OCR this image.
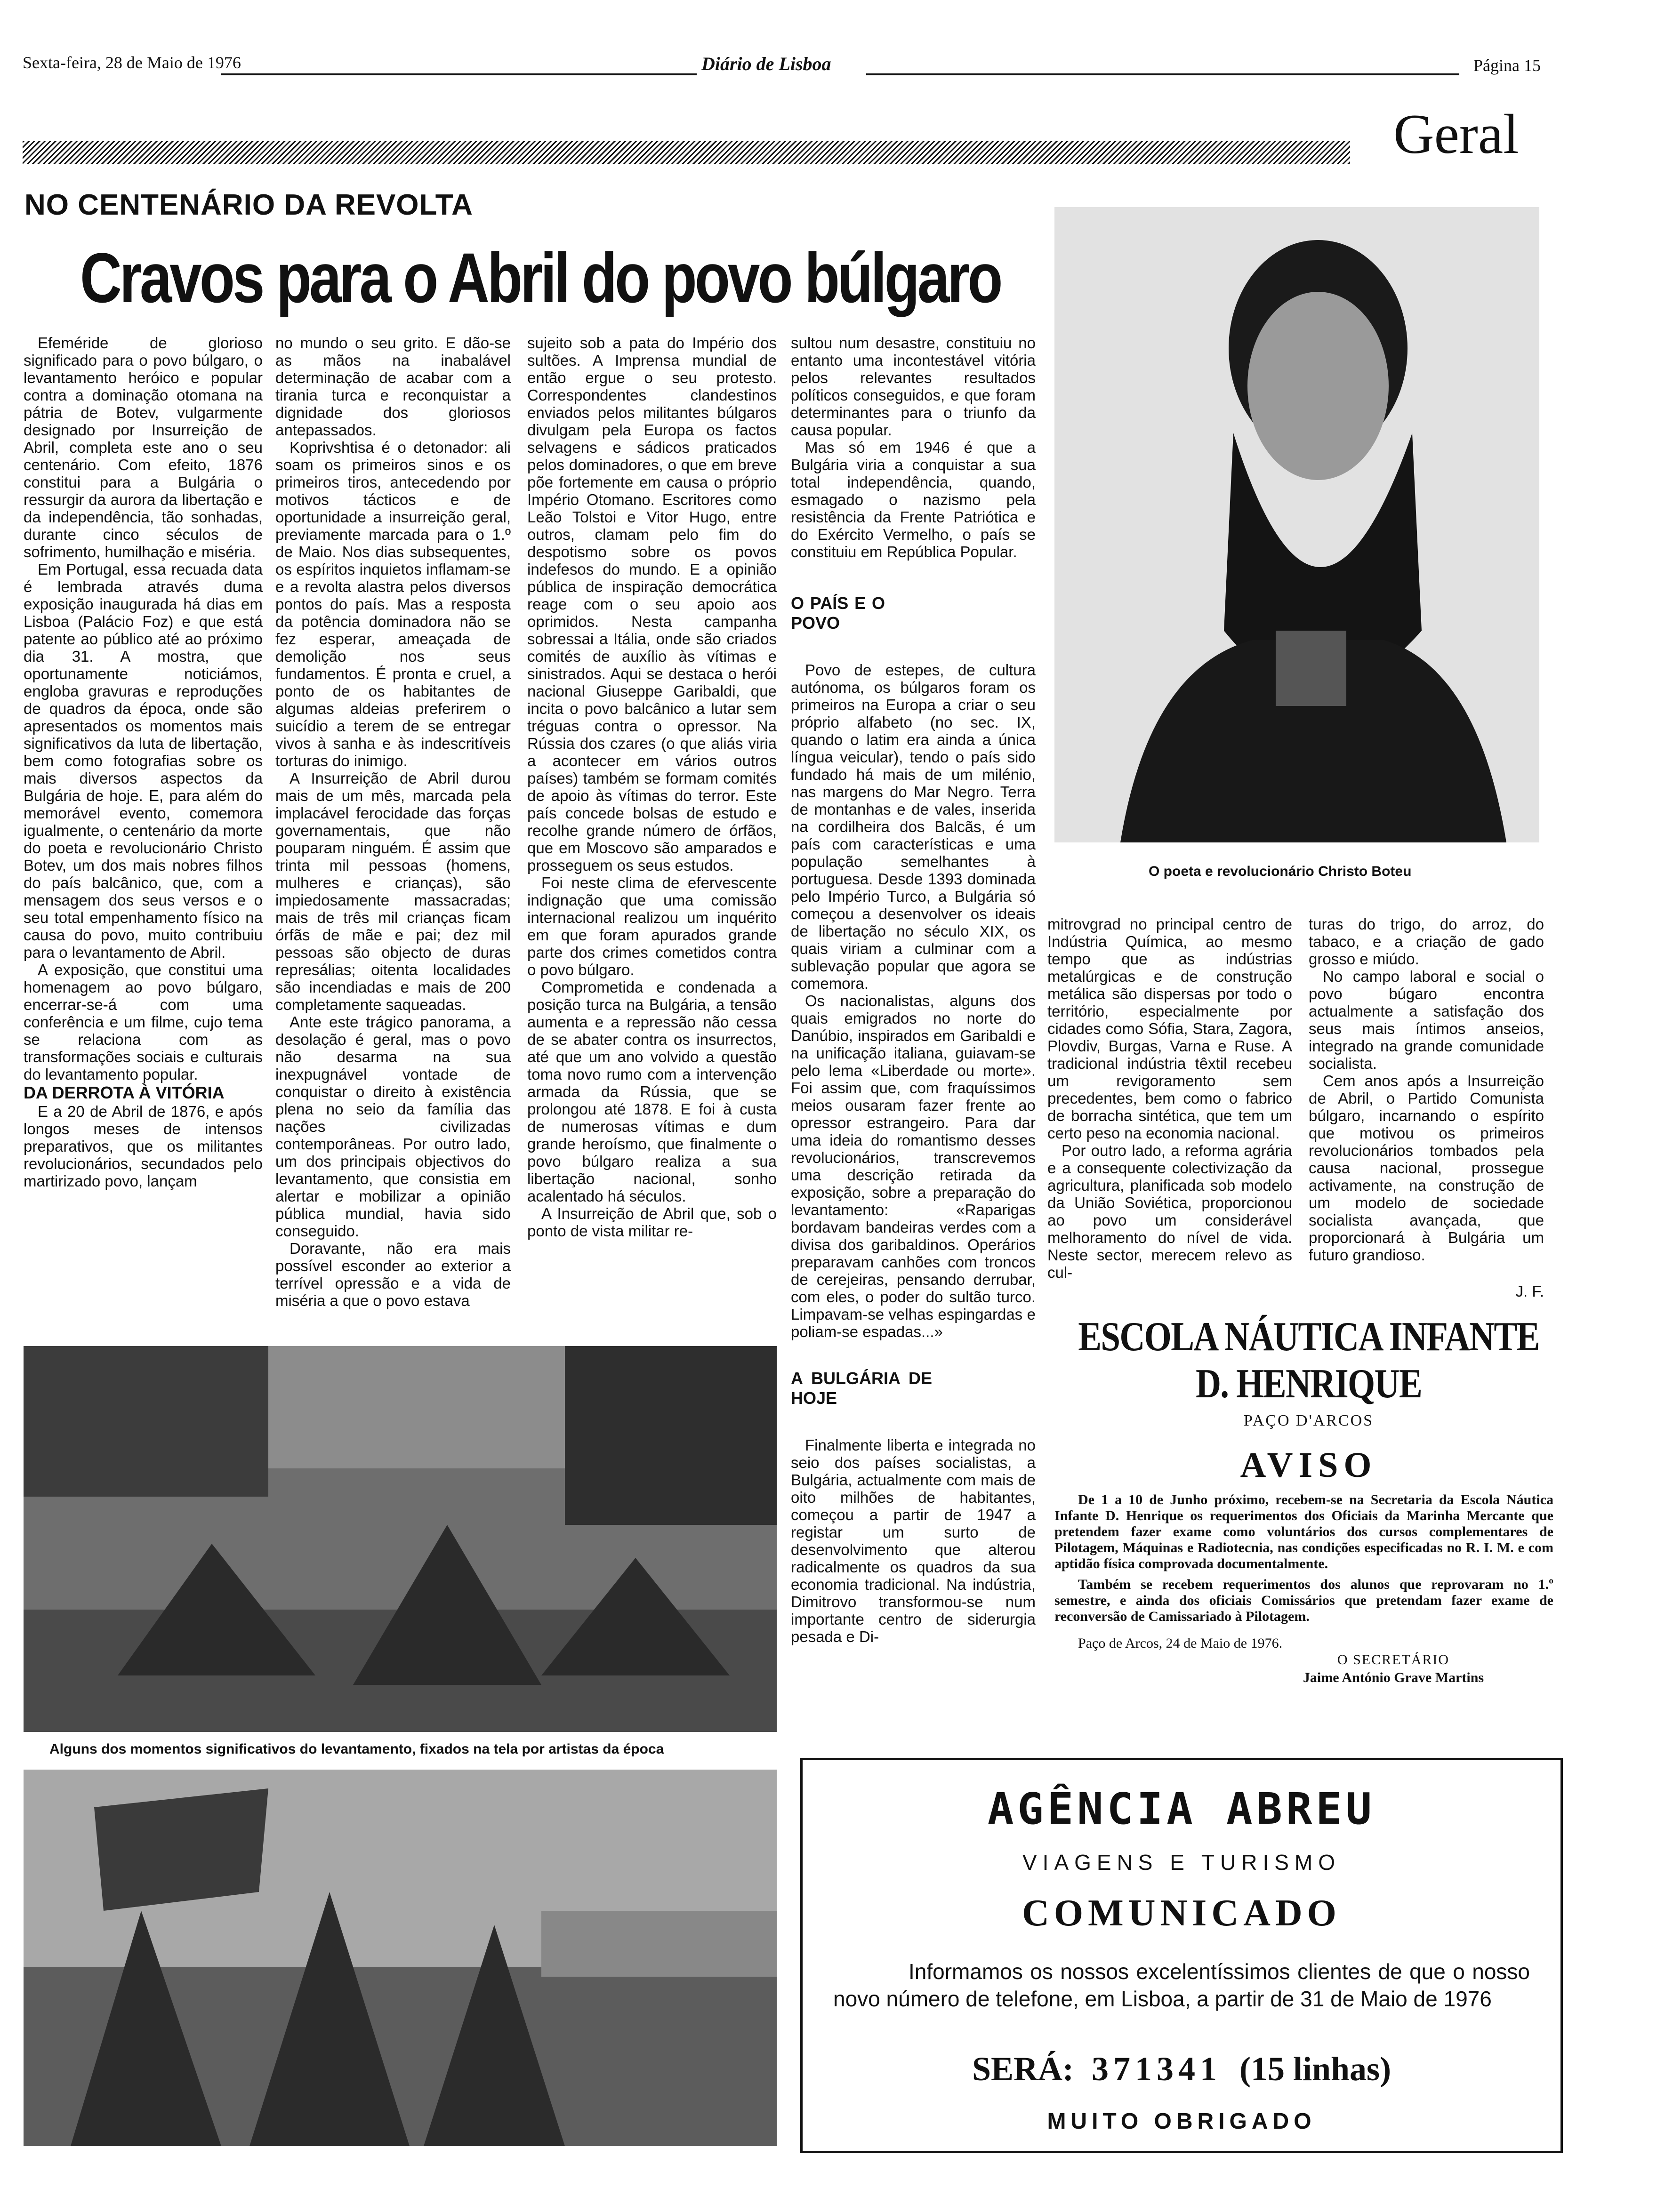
Sexta-feira, 28 de Maio de 1976	Diário de Lisboa	Página 15
Geral
NO CENTENÁRIO DA REVOLTA
Cravos para o Abril do povo búlgaro
O poeta e revolucionário Christo Boteu

Efeméride de glorioso significado para o povo búlgaro, o levantamento heróico e popular contra a dominação otomana na pátria de Botev, vulgarmente designado por Insurreição de Abril, completa este ano o seu centenário. Com efeito, 1876 constitui para a Bulgária o ressurgir da aurora da libertação e da independência, tão sonhadas, durante cinco séculos de sofrimento, humilhação e miséria.

Em Portugal, essa recuada data é lembrada através duma exposição inaugurada há dias em Lisboa (Palácio Foz) e que está patente ao público até ao próximo dia 31. A mostra, que oportunamente noticiámos, engloba gravuras e reproduções de quadros da época, onde são apresentados os momentos mais significativos da luta de libertação, bem como fotografias sobre os mais diversos aspectos da Bulgária de hoje. E, para além do memorável evento, comemora igualmente, o centenário da morte do poeta e revolucionário Christo Botev, um dos mais nobres filhos do país balcânico, que, com a mensagem dos seus versos e o seu total empenhamento físico na causa do povo, muito contribuiu para o levantamento de Abril.

A exposição, que constitui uma homenagem ao povo búlgaro, encerrar-se-á com uma conferência e um filme, cujo tema se relaciona com as transformações sociais e culturais do levantamento popular.

DA DERROTA À VITÓRIA

E a 20 de Abril de 1876, e após longos meses de intensos preparativos, que os militantes revolucionários, secundados pelo martirizado povo, lançam

no mundo o seu grito. E dão-se as mãos na inabalável determinação de acabar com a tirania turca e reconquistar a dignidade dos gloriosos antepassados.

Koprivshtisa é o detonador: ali soam os primeiros sinos e os primeiros tiros, antecedendo por motivos tácticos e de oportunidade a insurreição geral, previamente marcada para o 1.º de Maio. Nos dias subsequentes, os espíritos inquietos inflamam-se e a revolta alastra pelos diversos pontos do país. Mas a resposta da potência dominadora não se fez esperar, ameaçada de demolição nos seus fundamentos. É pronta e cruel, a ponto de os habitantes de algumas aldeias preferirem o suicídio a terem de se entregar vivos à sanha e às indescritíveis torturas do inimigo.

A Insurreição de Abril durou mais de um mês, marcada pela implacável ferocidade das forças governamentais, que não pouparam ninguém. É assim que trinta mil pessoas (homens, mulheres e crianças), são impiedosamente massacradas; mais de três mil crianças ficam órfãs de mãe e pai; dez mil pessoas são objecto de duras represálias; oitenta localidades são incendiadas e mais de 200 completamente saqueadas.

Ante este trágico panorama, a desolação é geral, mas o povo não desarma na sua inexpugnável vontade de conquistar o direito à existência plena no seio da família das nações civilizadas contemporâneas. Por outro lado, um dos principais objectivos do levantamento, que consistia em alertar e mobilizar a opinião pública mundial, havia sido conseguido.

Doravante, não era mais possível esconder ao exterior a terrível opressão e a vida de miséria a que o povo estava

sujeito sob a pata do Império dos sultões. A Imprensa mundial de então ergue o seu protesto. Correspondentes clandestinos enviados pelos militantes búlgaros divulgam pela Europa os factos selvagens e sádicos praticados pelos dominadores, o que em breve põe fortemente em causa o próprio Império Otomano. Escritores como Leão Tolstoi e Vitor Hugo, entre outros, clamam pelo fim do despotismo sobre os povos indefesos do mundo. E a opinião pública de inspiração democrática reage com o seu apoio aos oprimidos. Nesta campanha sobressai a Itália, onde são criados comités de auxílio às vítimas e sinistrados. Aqui se destaca o herói nacional Giuseppe Garibaldi, que incita o povo balcânico a lutar sem tréguas contra o opressor. Na Rússia dos czares (o que aliás viria a acontecer em vários outros países) também se formam comités de apoio às vítimas do terror. Este país concede bolsas de estudo e recolhe grande número de órfãos, que em Moscovo são amparados e prosseguem os seus estudos.

Foi neste clima de efervescente indignação que uma comissão internacional realizou um inquérito em que foram apurados grande parte dos crimes cometidos contra o povo búlgaro.

Comprometida e condenada a posição turca na Bulgária, a tensão aumenta e a repressão não cessa de se abater contra os insurrectos, até que um ano volvido a questão toma novo rumo com a intervenção armada da Rússia, que se prolongou até 1878. E foi à custa de numerosas vítimas e dum grande heroísmo, que finalmente o povo búlgaro realiza a sua libertação nacional, sonho acalentado há séculos.

A Insurreição de Abril que, sob o ponto de vista militar re-

sultou num desastre, constituiu no entanto uma incontestável vitória pelos relevantes resultados políticos conseguidos, e que foram determinantes para o triunfo da causa popular.

Mas só em 1946 é que a Bulgária viria a conquistar a sua total independência, quando, esmagado o nazismo pela resistência da Frente Patriótica e do Exército Vermelho, o país se constituiu em República Popular.

O PAÍS E O POVO

Povo de estepes, de cultura autónoma, os búlgaros foram os primeiros na Europa a criar o seu próprio alfabeto (no sec. IX, quando o latim era ainda a única língua veicular), tendo o país sido fundado há mais de um milénio, nas margens do Mar Negro. Terra de montanhas e de vales, inserida na cordilheira dos Balcãs, é um país com características e uma população semelhantes à portuguesa. Desde 1393 dominada pelo Império Turco, a Bulgária só começou a desenvolver os ideais de libertação no século XIX, os quais viriam a culminar com a sublevação popular que agora se comemora.

Os nacionalistas, alguns dos quais emigrados no norte do Danúbio, inspirados em Garibaldi e na unificação italiana, guiavam-se pelo lema «Liberdade ou morte». Foi assim que, com fraquíssimos meios ousaram fazer frente ao opressor estrangeiro. Para dar uma ideia do romantismo desses revolucionários, transcrevemos uma descrição retirada da exposição, sobre a preparação do levantamento: «Raparigas bordavam bandeiras verdes com a divisa dos garibaldinos. Operários preparavam canhões com troncos de cerejeiras, pensando derrubar, com eles, o poder do sultão turco. Limpavam-se velhas espingardas e poliam-se espadas...»

A BULGÁRIA DE HOJE

Finalmente liberta e integrada no seio dos países socialistas, a Bulgária, actualmente com mais de oito milhões de habitantes, começou a partir de 1947 a registar um surto de desenvolvimento que alterou radicalmente os quadros da sua economia tradicional. Na indústria, Dimitrovo transformou-se num importante centro de siderurgia pesada e Di-

mitrovgrad no principal centro de Indústria Química, ao mesmo tempo que as indústrias metalúrgicas e de construção metálica são dispersas por todo o território, especialmente por cidades como Sófia, Stara, Zagora, Plovdiv, Burgas, Varna e Ruse. A tradicional indústria têxtil recebeu um revigoramento sem precedentes, bem como o fabrico de borracha sintética, que tem um certo peso na economia nacional.

Por outro lado, a reforma agrária e a consequente colectivização da agricultura, planificada sob modelo da União Soviética, proporcionou ao povo um considerável melhoramento do nível de vida. Neste sector, merecem relevo as cul-

turas do trigo, do arroz, do tabaco, e a criação de gado grosso e miúdo.

No campo laboral e social o povo búgaro encontra actualmente a satisfação dos seus mais íntimos anseios, integrado na grande comunidade socialista.

Cem anos após a Insurreição de Abril, o Partido Comunista búlgaro, incarnando o espírito que motivou os primeiros revolucionários tombados pela causa nacional, prossegue activamente, na construção de um modelo de sociedade socialista avançada, que proporcionará à Bulgária um futuro grandioso.

J. F.

Alguns dos momentos significativos do levantamento, fixados na tela por artistas da época
ESCOLA NÁUTICA INFANTE
D. HENRIQUE
PAÇO D'ARCOS
AVISO
De 1 a 10 de Junho próximo, recebem-se na Secretaria da Escola Náutica Infante D. Henrique os requerimentos dos Oficiais da Marinha Mercante que pretendem fazer exame como voluntários dos cursos complementares de Pilotagem, Máquinas e Radiotecnia, nas condições especificadas no R. I. M. e com aptidão física comprovada documentalmente.
Também se recebem requerimentos dos alunos que reprovaram no 1.º semestre, e ainda dos oficiais Comissários que pretendam fazer exame de reconversão de Camissariado à Pilotagem.
Paço de Arcos, 24 de Maio de 1976.
O SECRETÁRIO
Jaime António Grave Martins
AGÊNCIA ABREU
VIAGENS E TURISMO
COMUNICADO
Informamos os nossos excelentíssimos clientes de que o nosso novo número de telefone, em Lisboa, a partir de 31 de Maio de 1976
SERÁ: 371341 (15 linhas)
MUITO OBRIGADO
